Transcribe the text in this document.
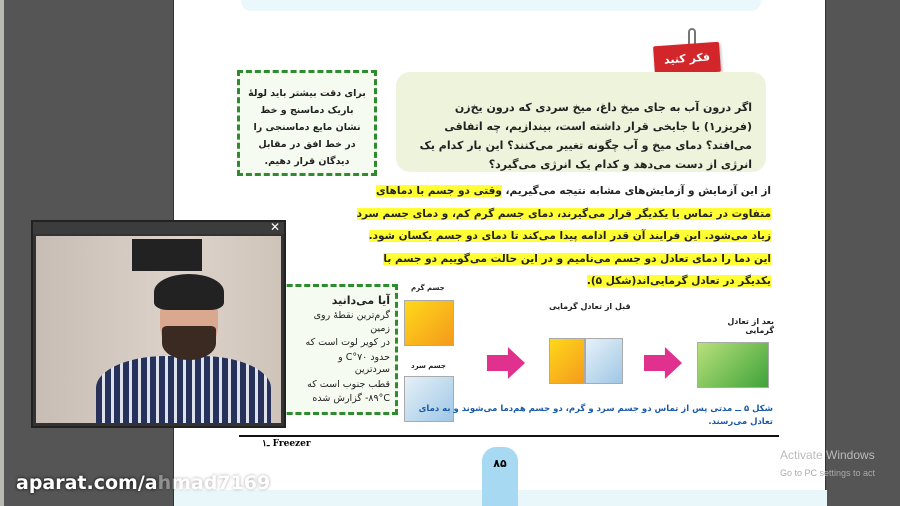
فکر کنید
اگر درون آب به جای میخ داغ، میخ سردی که درون یخ‌زن (فریزر۱) یا جایخی قرار داشته است، بیندازیم، چه اتفاقی می‌افتد؟ دمای میخ و آب چگونه تغییر می‌کنند؟ این بار کدام یک انرژی از دست می‌دهد و کدام یک انرژی می‌گیرد؟
برای دقت بیشتر باید لولهٔ باریک دماسنج و خط نشان مایع دماسنجی را در خط افق در مقابل دیدگان قرار دهیم.
از این آزمایش و آزمایش‌های مشابه نتیجه می‌گیریم، وقتی دو جسم با دماهای متفاوت در تماس با یکدیگر قرار می‌گیرند، دمای جسم گرم کم، و دمای جسم سرد زیاد می‌شود. این فرایند آن قدر ادامه پیدا می‌کند تا دمای دو جسم یکسان شود. این دما را دمای تعادل دو جسم می‌نامیم و در این حالت می‌گوییم دو جسم با یکدیگر در تعادل گرمایی‌اند(شکل ۵).
آیا می‌دانید
گرم‌ترین نقطهٔ روی زمین
در کویر لوت است که
حدود ۷۰°C و سردترین
قطب جنوب است که
۸۹°C- گزارش شده
جسم گرم
جسم سرد
قبل از تعادل گرمایی
بعد از تعادل گرمایی
شکل ۵ ــ مدتی پس از تماس دو جسم سرد و گرم، دو جسم هم‌دما می‌شوند و به دمای تعادل می‌رسند.
۱ـ Freezer
۸۵
✕
aparat.com/ahmad7169
Activate Windows
Go to PC settings to act
